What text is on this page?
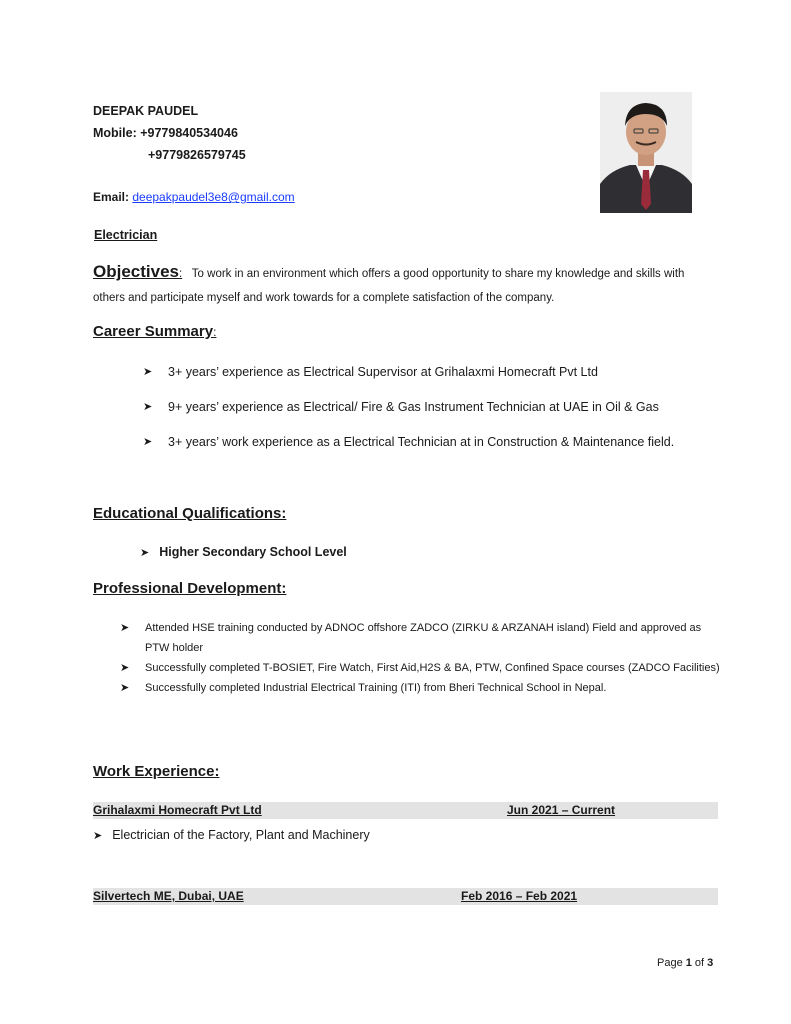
DEEPAK PAUDEL
Mobile: +9779840534046
+9779826579745
Email: deepakpaudel3e8@gmail.com
Electrician
Objectives: To work in an environment which offers a good opportunity to share my knowledge and skills with others and participate myself and work towards for a complete satisfaction of the company.
Career Summary:
➤ 3+ years’ experience as Electrical Supervisor at Grihalaxmi Homecraft Pvt Ltd
➤ 9+ years’ experience as Electrical/ Fire & Gas Instrument Technician at UAE in Oil & Gas
➤ 3+ years’ work experience as a Electrical Technician at in Construction & Maintenance field.
Educational Qualifications:
➤ Higher Secondary School Level
Professional Development:
➤ Attended HSE training conducted by ADNOC offshore ZADCO (ZIRKU & ARZANAH island) Field and approved as PTW holder
➤ Successfully completed T-BOSIET, Fire Watch, First Aid,H2S & BA, PTW, Confined Space courses (ZADCO Facilities)
➤ Successfully completed Industrial Electrical Training (ITI) from Bheri Technical School in Nepal.
Work Experience:
Grihalaxmi Homecraft Pvt Ltd	Jun 2021 – Current
➤ Electrician of the Factory, Plant and Machinery
Silvertech ME, Dubai, UAE	Feb 2016 – Feb 2021
Page 1 of 3
